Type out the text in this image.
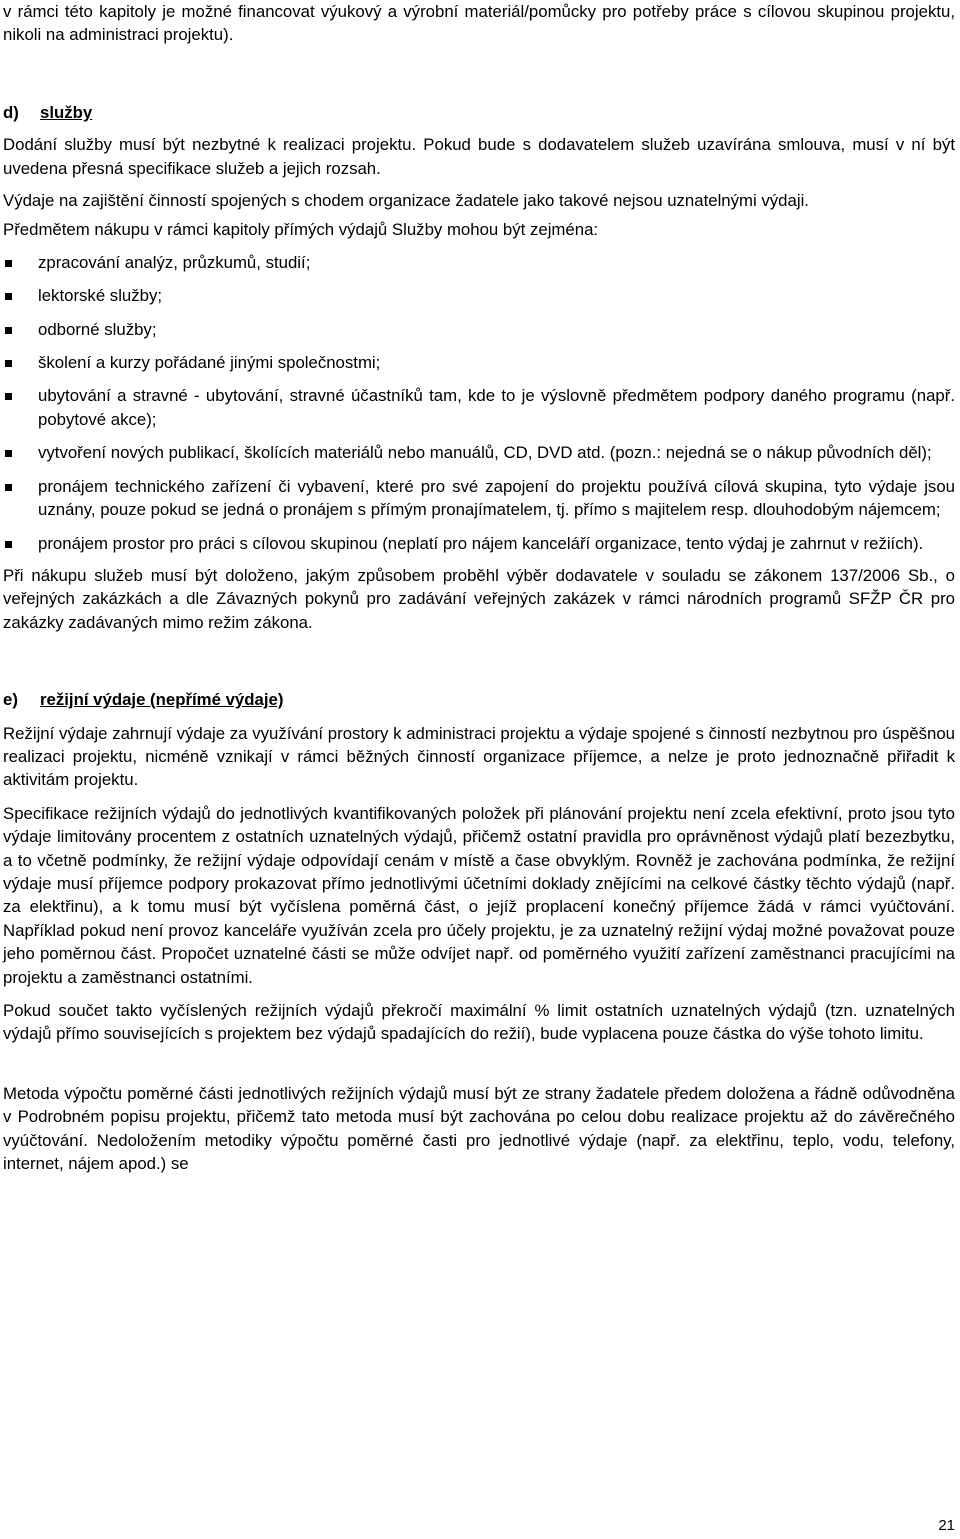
v rámci této kapitoly je možné financovat výukový a výrobní materiál/pomůcky pro potřeby práce s cílovou skupinou projektu, nikoli na administraci projektu).

d)	služby

Dodání služby musí být nezbytné k realizaci projektu. Pokud bude s dodavatelem služeb uzavírána smlouva, musí v ní být uvedena přesná specifikace služeb a jejich rozsah.

Výdaje na zajištění činností spojených s chodem organizace žadatele jako takové nejsou uznatelnými výdaji.

Předmětem nákupu v rámci kapitoly přímých výdajů Služby mohou být zejména:

zpracování analýz, průzkumů, studií;
lektorské služby;
odborné služby;
školení a kurzy pořádané jinými společnostmi;
ubytování a stravné - ubytování, stravné účastníků tam, kde to je výslovně předmětem podpory daného programu (např. pobytové akce);
vytvoření nových publikací, školících materiálů nebo manuálů, CD, DVD atd. (pozn.: nejedná se o nákup původních děl);
pronájem technického zařízení či vybavení, které pro své zapojení do projektu používá cílová skupina, tyto výdaje jsou uznány, pouze pokud se jedná o pronájem s přímým pronajímatelem, tj. přímo s majitelem resp. dlouhodobým nájemcem;
pronájem prostor pro práci s cílovou skupinou (neplatí pro nájem kanceláří organizace, tento výdaj je zahrnut v režiích).

Při nákupu služeb musí být doloženo, jakým způsobem proběhl výběr dodavatele v souladu se zákonem 137/2006 Sb., o veřejných zakázkách a dle Závazných pokynů pro zadávání veřejných zakázek v rámci národních programů SFŽP ČR pro zakázky zadávaných mimo režim zákona.

e)	režijní výdaje (nepřímé výdaje)

Režijní výdaje zahrnují výdaje za využívání prostory k administraci projektu a výdaje spojené s činností nezbytnou pro úspěšnou realizaci projektu, nicméně vznikají v rámci běžných činností organizace příjemce, a nelze je proto jednoznačně přiřadit k aktivitám projektu.

Specifikace režijních výdajů do jednotlivých kvantifikovaných položek při plánování projektu není zcela efektivní, proto jsou tyto výdaje limitovány procentem z ostatních uznatelných výdajů, přičemž ostatní pravidla pro oprávněnost výdajů platí bezezbytku, a to včetně podmínky, že režijní výdaje odpovídají cenám v místě a čase obvyklým. Rovněž je zachována podmínka, že režijní výdaje musí příjemce podpory prokazovat přímo jednotlivými účetními doklady znějícími na celkové částky těchto výdajů (např. za elektřinu), a k tomu musí být vyčíslena poměrná část, o jejíž proplacení konečný příjemce žádá v rámci vyúčtování. Například pokud není provoz kanceláře využíván zcela pro účely projektu, je za uznatelný režijní výdaj možné považovat pouze jeho poměrnou část. Propočet uznatelné části se může odvíjet např. od poměrného využití zařízení zaměstnanci pracujícími na projektu a zaměstnanci ostatními.

Pokud součet takto vyčíslených režijních výdajů překročí maximální % limit ostatních uznatelných výdajů (tzn. uznatelných výdajů přímo souvisejících s projektem bez výdajů spadajících do režií), bude vyplacena pouze částka do výše tohoto limitu.

Metoda výpočtu poměrné části jednotlivých režijních výdajů musí být ze strany žadatele předem doložena a řádně odůvodněna v Podrobném popisu projektu, přičemž tato metoda musí být zachována po celou dobu realizace projektu až do závěrečného vyúčtování. Nedoložením metodiky výpočtu poměrné časti pro jednotlivé výdaje (např. za elektřinu, teplo, vodu, telefony, internet, nájem apod.) se

21
